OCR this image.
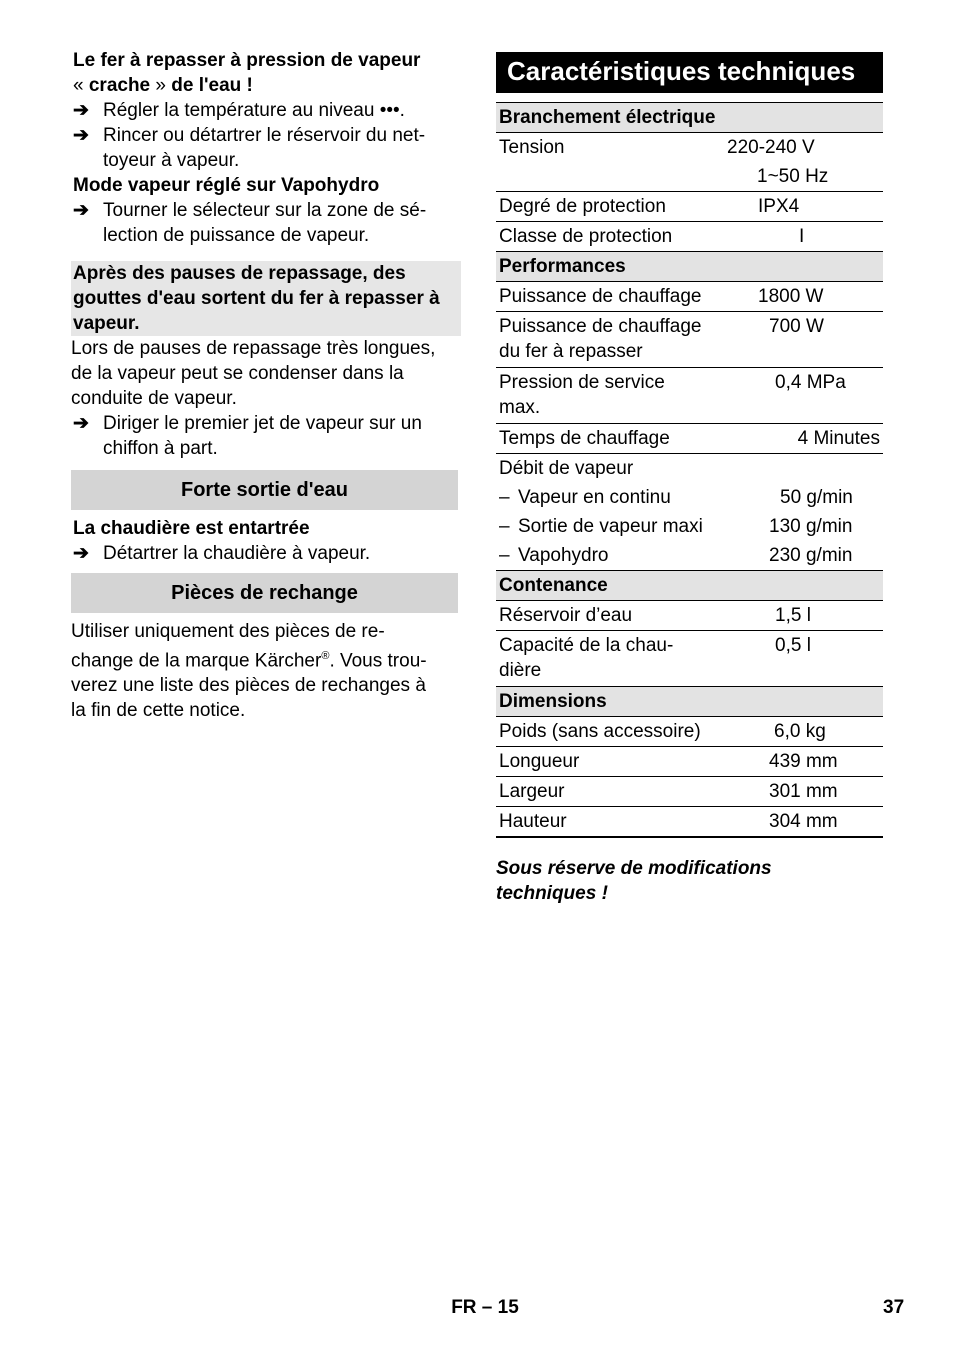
Le fer à repasser à pression de vapeur
« crache » de l'eau !

➔ Régler la température au niveau •••.
➔ Rincer ou détartrer le réservoir du net-
toyeur à vapeur.

Mode vapeur réglé sur Vapohydro

➔ Tourner le sélecteur sur la zone de sé-
lection de puissance de vapeur.
Après des pauses de repassage, des
gouttes d'eau sortent du fer à repasser à
vapeur.

Lors de pauses de repassage très longues,
de la vapeur peut se condenser dans la
conduite de vapeur.

➔ Diriger le premier jet de vapeur sur un
chiffon à part.
Forte sortie d'eau

La chaudière est entartrée

➔ Détartrer la chaudière à vapeur.
Pièces de rechange

Utiliser uniquement des pièces de re-
change de la marque Kärcher®. Vous trou-
verez une liste des pièces de rechanges à
la fin de cette notice.

Caractéristiques techniques
Branchement électrique	
Tension	220-240 V
	1~50 Hz
Degré de protection	IPX4
Classe de protection	I
Performances	
Puissance de chauffage	1800 W
Puissance de chauffage
du fer à repasser	700 W
Pression de service
max.	0,4 MPa
Temps de chauffage	4 Minutes
Débit de vapeur	
– Vapeur en continu	50 g/min
– Sortie de vapeur maxi	130 g/min
– Vapohydro	230 g/min
Contenance	
Réservoir d’eau	1,5 l
Capacité de la chau-
dière	0,5 l
Dimensions	
Poids (sans accessoire)	6,0 kg
Longueur	439 mm
Largeur	301 mm
Hauteur	304 mm

Sous réserve de modifications
techniques !

FR – 15	37
